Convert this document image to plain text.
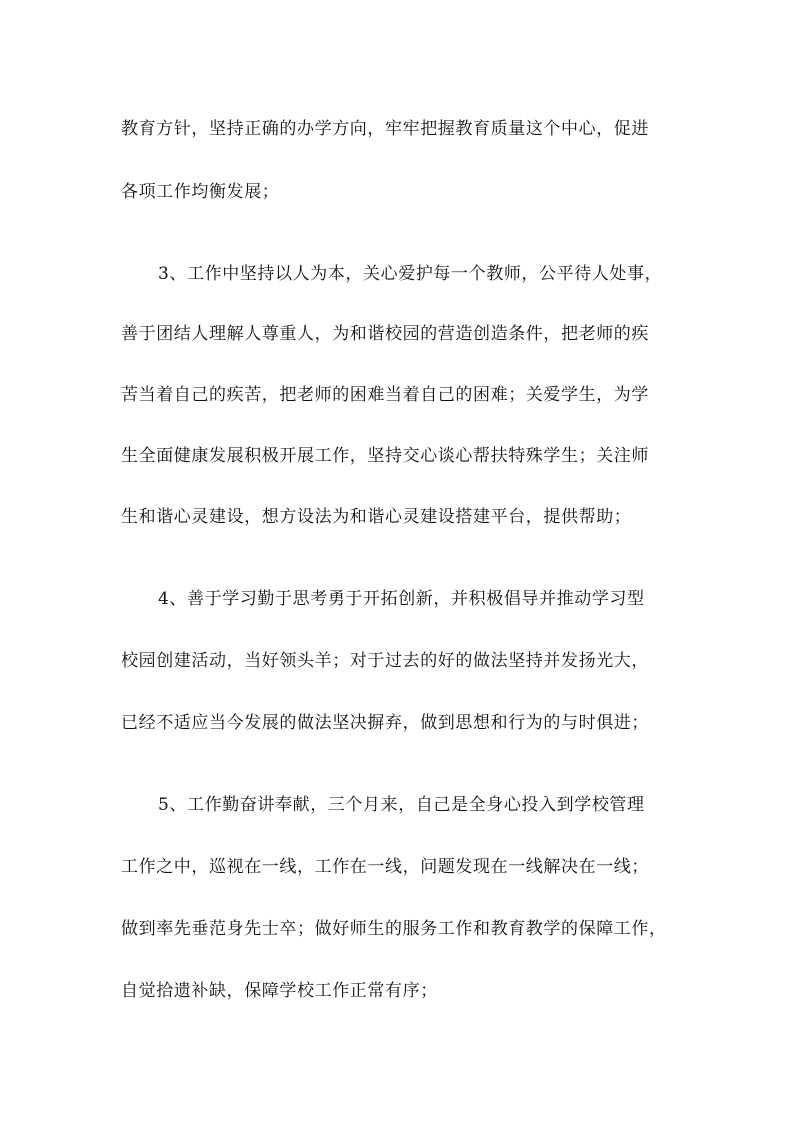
教育方针，坚持正确的办学方向，牢牢把握教育质量这个中心，促进
各项工作均衡发展；
3、工作中坚持以人为本，关心爱护每一个教师，公平待人处事，
善于团结人理解人尊重人，为和谐校园的营造创造条件，把老师的疾
苦当着自己的疾苦，把老师的困难当着自己的困难；关爱学生，为学
生全面健康发展积极开展工作，坚持交心谈心帮扶特殊学生；关注师
生和谐心灵建设，想方设法为和谐心灵建设搭建平台，提供帮助；
4、善于学习勤于思考勇于开拓创新，并积极倡导并推动学习型
校园创建活动，当好领头羊；对于过去的好的做法坚持并发扬光大，
已经不适应当今发展的做法坚决摒弃，做到思想和行为的与时俱进；
5、工作勤奋讲奉献，三个月来，自己是全身心投入到学校管理
工作之中，巡视在一线，工作在一线，问题发现在一线解决在一线；
做到率先垂范身先士卒；做好师生的服务工作和教育教学的保障工作，
自觉拾遗补缺，保障学校工作正常有序；
